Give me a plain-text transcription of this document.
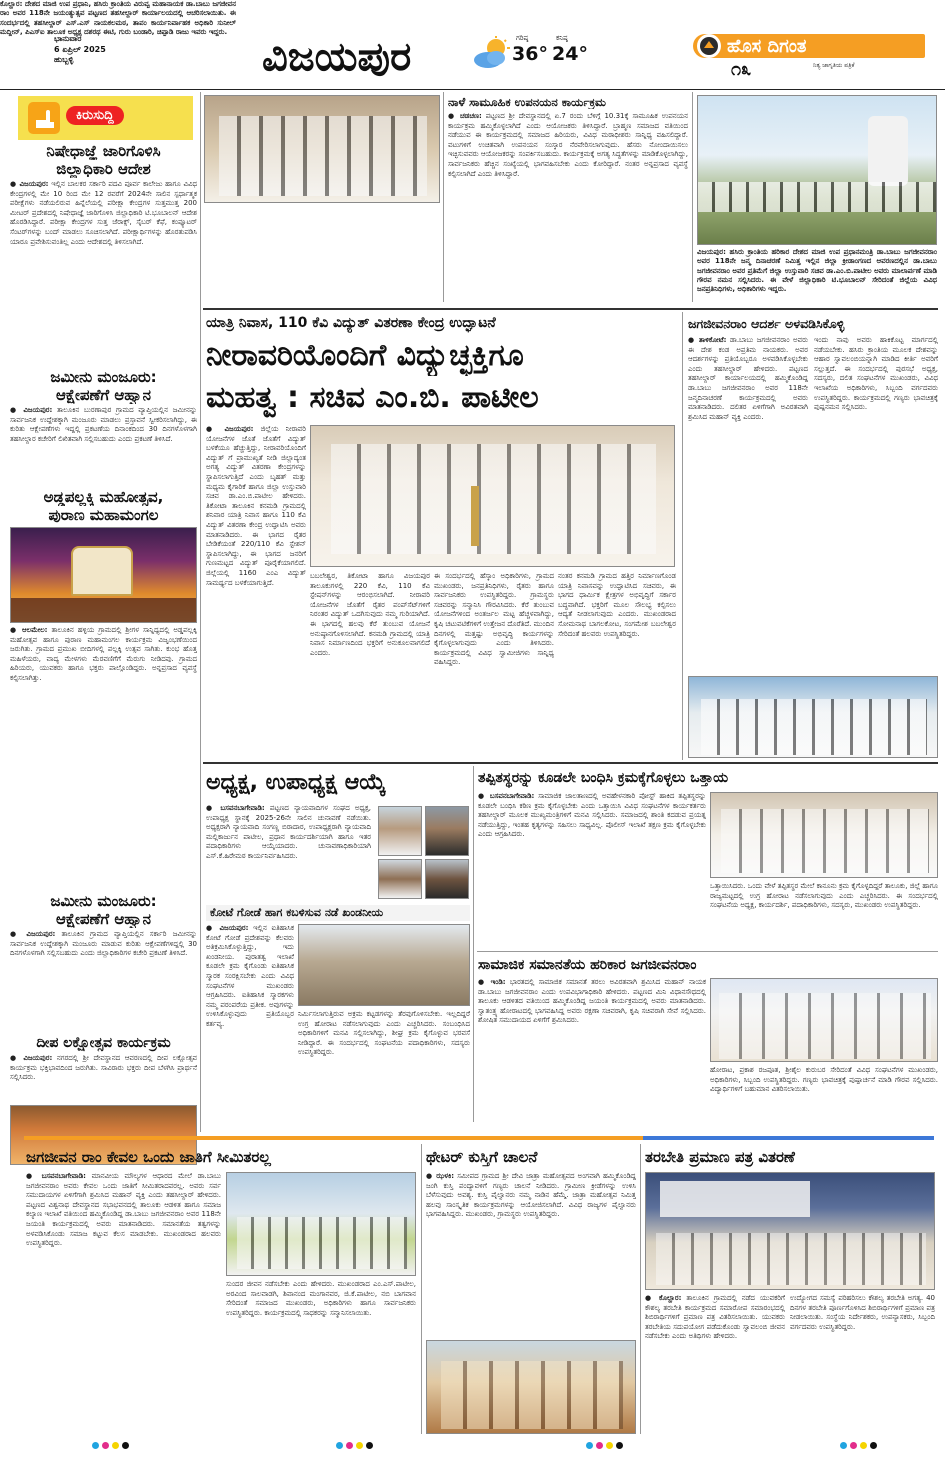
ಭಾನುವಾರ
6 ಏಪ್ರಿಲ್ 2025
ಹುಬ್ಬಳ್ಳಿ	ವಿಜಯಪುರ	ಗರಿಷ್ಠ
36°
ಕನಿಷ್ಠ
24°	ಹೊಸ ದಿಗಂತ
ನಿತ್ಯ ಜಾಗೃತಿಯ ಪತ್ರಿಕೆ
೧೩
ಕಿರುಸುದ್ದಿ
ನಿಷೇಧಾಜ್ಞೆ ಜಾರಿಗೊಳಿಸಿ
ಜಿಲ್ಲಾಧಿಕಾರಿ ಆದೇಶ
● ವಿಜಯಪುರ: ಇಲ್ಲಿನ ಬಾಲಕರ ಸರ್ಕಾರಿ ಪದವಿ ಪೂರ್ವ ಕಾಲೇಜು ಹಾಗೂ ವಿವಿಧ ಕೇಂದ್ರಗಳಲ್ಲಿ ಮೇ 10 ರಿಂದ ಮೇ 12 ರವರೆಗೆ 2024ನೇ ಸಾಲಿನ ಸ್ಪರ್ಧಾತ್ಮಕ ಪರೀಕ್ಷೆಗಳು ನಡೆಯಲಿರುವ ಹಿನ್ನೆಲೆಯಲ್ಲಿ ಪರೀಕ್ಷಾ ಕೇಂದ್ರಗಳ ಸುತ್ತಮುತ್ತ 200 ಮೀಟರ್ ಪ್ರದೇಶದಲ್ಲಿ ನಿಷೇಧಾಜ್ಞೆ ಜಾರಿಗೊಳಿಸಿ ಜಿಲ್ಲಾಧಿಕಾರಿ ಟಿ.ಭೂಬಾಲನ್ ಆದೇಶ ಹೊರಡಿಸಿದ್ದಾರೆ. ಪರೀಕ್ಷಾ ಕೇಂದ್ರಗಳ ಸುತ್ತ ಜೆರಾಕ್ಸ್, ಸೈಬರ್ ಕೆಫೆ, ಕಂಪ್ಯೂಟರ್ ಸೆಂಟರ್‌ಗಳನ್ನು ಬಂದ್ ಮಾಡಲು ಸೂಚಿಸಲಾಗಿದೆ. ಪರೀಕ್ಷಾರ್ಥಿಗಳನ್ನು ಹೊರತುಪಡಿಸಿ ಯಾರೂ ಪ್ರವೇಶಿಸುವಂತಿಲ್ಲ ಎಂದು ಆದೇಶದಲ್ಲಿ ತಿಳಿಸಲಾಗಿದೆ.
ಜಮೀನು ಮಂಜೂರು:
ಆಕ್ಷೇಪಣೆಗೆ ಆಹ್ವಾನ
● ವಿಜಯಪುರ: ತಾಲೂಕಿನ ಬುರಣಾಪುರ ಗ್ರಾಮದ ವ್ಯಾಪ್ತಿಯಲ್ಲಿನ ಜಮೀನನ್ನು ಸಾರ್ವಜನಿಕ ಉದ್ದೇಶಕ್ಕಾಗಿ ಮಂಜೂರು ಮಾಡಲು ಪ್ರಸ್ತಾವನೆ ಸ್ವೀಕರಿಸಲಾಗಿದ್ದು, ಈ ಕುರಿತು ಆಕ್ಷೇಪಣೆಗಳು ಇದ್ದಲ್ಲಿ ಪ್ರಕಟಣೆಯ ದಿನಾಂಕದಿಂದ 30 ದಿನಗಳೊಳಗಾಗಿ ತಹಸೀಲ್ದಾರ ಕಚೇರಿಗೆ ಲಿಖಿತವಾಗಿ ಸಲ್ಲಿಸಬಹುದು ಎಂದು ಪ್ರಕಟಣೆ ತಿಳಿಸಿದೆ.
ಅಡ್ಡಪಲ್ಲಕ್ಕಿ ಮಹೋತ್ಸವ,
ಪುರಾಣ ಮಹಾಮಂಗಲ
● ಆಲಮೇಲ: ತಾಲೂಕಿನ ಹಳ್ಳಿಯ ಗ್ರಾಮದಲ್ಲಿ ಶ್ರೀಗಳ ಸಾನ್ನಿಧ್ಯದಲ್ಲಿ ಅಡ್ಡಪಲ್ಲಕ್ಕಿ ಮಹೋತ್ಸವ ಹಾಗೂ ಪುರಾಣ ಮಹಾಮಂಗಲ ಕಾರ್ಯಕ್ರಮ ವಿಜೃಂಭಣೆಯಿಂದ ಜರುಗಿತು. ಗ್ರಾಮದ ಪ್ರಮುಖ ಬೀದಿಗಳಲ್ಲಿ ಪಲ್ಲಕ್ಕಿ ಉತ್ಸವ ಸಾಗಿತು. ಕುಂಭ ಹೊತ್ತ ಮಹಿಳೆಯರು, ವಾದ್ಯ ಮೇಳಗಳು ಮೆರವಣಿಗೆಗೆ ಮೆರುಗು ನೀಡಿದವು. ಗ್ರಾಮದ ಹಿರಿಯರು, ಯುವಕರು ಹಾಗೂ ಭಕ್ತರು ಪಾಲ್ಗೊಂಡಿದ್ದರು. ಅನ್ನಪ್ರಸಾದ ವ್ಯವಸ್ಥೆ ಕಲ್ಪಿಸಲಾಗಿತ್ತು.
ಜಮೀನು ಮಂಜೂರು:
ಆಕ್ಷೇಪಣೆಗೆ ಆಹ್ವಾನ
● ವಿಜಯಪುರ: ತಾಲೂಕಿನ ಗ್ರಾಮದ ವ್ಯಾಪ್ತಿಯಲ್ಲಿನ ಸರ್ಕಾರಿ ಜಮೀನನ್ನು ಸಾರ್ವಜನಿಕ ಉದ್ದೇಶಕ್ಕಾಗಿ ಮಂಜೂರು ಮಾಡುವ ಕುರಿತು ಆಕ್ಷೇಪಣೆಗಳಿದ್ದಲ್ಲಿ 30 ದಿನಗಳೊಳಗಾಗಿ ಸಲ್ಲಿಸಬಹುದು ಎಂದು ಜಿಲ್ಲಾಧಿಕಾರಿಗಳ ಕಚೇರಿ ಪ್ರಕಟಣೆ ತಿಳಿಸಿದೆ.
ದೀಪ ಲಕ್ಷೋತ್ಸವ ಕಾರ್ಯಕ್ರಮ
● ವಿಜಯಪುರ: ನಗರದಲ್ಲಿ ಶ್ರೀ ದೇವಸ್ಥಾನದ ಆವರಣದಲ್ಲಿ ದೀಪ ಲಕ್ಷೋತ್ಸವ ಕಾರ್ಯಕ್ರಮ ಭಕ್ತಿಭಾವದಿಂದ ಜರುಗಿತು. ಸಾವಿರಾರು ಭಕ್ತರು ದೀಪ ಬೆಳಗಿಸಿ ಪ್ರಾರ್ಥನೆ ಸಲ್ಲಿಸಿದರು.
ಕೊಲ್ಹಾರ: ದೇಶದ ಮಾಜಿ ಉಪ ಪ್ರಧಾನಿ, ಹಸಿರು ಕ್ರಾಂತಿಯ ವಿರುವ್ವ ಮಹಾನಾಯಕ ಡಾ.ಬಾಬು ಜಗಜೀವನ ರಾಂ ಅವರ 118ನೇ ಜಯಂತ್ಯುತ್ಸವ ಪಟ್ಟಣದ ತಹಸೀಲ್ದಾರ್ ಕಾರ್ಯಾಲಯದಲ್ಲಿ ಆಚರಿಸಲಾಯಿತು. ಈ ಸಂದರ್ಭದಲ್ಲಿ ತಹಸೀಲ್ದಾರ್ ಎಸ್.ಎಸ್ ನಾಯಕಲಮಠ, ತಾಪಂ ಕಾರ್ಯನಿರ್ವಾಹಕ ಅಧಿಕಾರಿ ಸುನೀಲ್ ಮದ್ದೀನ್, ಪಿಎಸ್ಐ ತಾಲೂಕ ಅಧ್ಯಕ್ಷ ದಶರಥ ಈಟಿ, ಗುರು ಬಂಡಾರಿ, ಚಿಪ್ಪಾಡಿ ರಾಜು ಇವರು ಇದ್ದರು.
ನಾಳೆ ಸಾಮೂಹಿಕ ಉಪನಯನ ಕಾರ್ಯಕ್ರಮ
● ಚಡಚಣ: ಪಟ್ಟಣದ ಶ್ರೀ ದೇವಸ್ಥಾನದಲ್ಲಿ ಏ.7 ರಂದು ಬೆಳಿಗ್ಗೆ 10.31ಕ್ಕೆ ಸಾಮೂಹಿಕ ಉಪನಯನ ಕಾರ್ಯಕ್ರಮ ಹಮ್ಮಿಕೊಳ್ಳಲಾಗಿದೆ ಎಂದು ಆಯೋಜಕರು ತಿಳಿಸಿದ್ದಾರೆ. ಬ್ರಾಹ್ಮಣ ಸಮಾಜದ ವತಿಯಿಂದ ನಡೆಯುವ ಈ ಕಾರ್ಯಕ್ರಮದಲ್ಲಿ ಸಮಾಜದ ಹಿರಿಯರು, ವಿವಿಧ ಮಠಾಧೀಶರು ಸಾನ್ನಿಧ್ಯ ವಹಿಸಲಿದ್ದಾರೆ. ವಟುಗಳಿಗೆ ಉಚಿತವಾಗಿ ಉಪನಯನ ಸಂಸ್ಕಾರ ನೆರವೇರಿಸಲಾಗುವುದು. ಹೆಸರು ನೋಂದಾಯಿಸಲು ಇಚ್ಛಿಸುವವರು ಆಯೋಜಕರನ್ನು ಸಂಪರ್ಕಿಸಬಹುದು. ಕಾರ್ಯಕ್ರಮಕ್ಕೆ ಅಗತ್ಯ ಸಿದ್ಧತೆಗಳನ್ನು ಮಾಡಿಕೊಳ್ಳಲಾಗಿದ್ದು, ಸಾರ್ವಜನಿಕರು ಹೆಚ್ಚಿನ ಸಂಖ್ಯೆಯಲ್ಲಿ ಭಾಗವಹಿಸಬೇಕು ಎಂದು ಕೋರಿದ್ದಾರೆ. ನಂತರ ಅನ್ನಪ್ರಸಾದ ವ್ಯವಸ್ಥೆ ಕಲ್ಪಿಸಲಾಗಿದೆ ಎಂದು ತಿಳಿಸಿದ್ದಾರೆ.
ವಿಜಯಪುರ: ಹಸಿರು ಕ್ರಾಂತಿಯ ಹರಿಕಾರ ದೇಶದ ಮಾಜಿ ಉಪ ಪ್ರಧಾನಮಂತ್ರಿ ಡಾ.ಬಾಬು ಜಗಜೀವನರಾಂ ಅವರ 118ನೇ ಜನ್ಮ ದಿನಾಚರಣೆ ನಿಮಿತ್ತ ಇಲ್ಲಿನ ಜಿಲ್ಲಾ ಕ್ರೀಡಾಂಗಣದ ಆವರಣದಲ್ಲಿನ ಡಾ.ಬಾಬು ಜಗಜೀವನರಾಂ ಅವರ ಪ್ರತಿಮೆಗೆ ಜಿಲ್ಲಾ ಉಸ್ತುವಾರಿ ಸಚಿವ ಡಾ.ಎಂ.ಬಿ.ಪಾಟೀಲ ಅವರು ಮಾಲಾರ್ಪಣೆ ಮಾಡಿ ಗೌರವ ನಮನ ಸಲ್ಲಿಸಿದರು. ಈ ವೇಳೆ ಜಿಲ್ಲಾಧಿಕಾರಿ ಟಿ.ಭೂಬಾಲನ್ ಸೇರಿದಂತೆ ಜಿಲ್ಲೆಯ ವಿವಿಧ ಜನಪ್ರತಿನಿಧಿಗಳು, ಅಧಿಕಾರಿಗಳು ಇದ್ದರು.
ಯಾತ್ರಿ ನಿವಾಸ, 110 ಕೆವಿ ವಿದ್ಯುತ್ ವಿತರಣಾ ಕೇಂದ್ರ ಉದ್ಘಾಟನೆ
ನೀರಾವರಿಯೊಂದಿಗೆ ವಿದ್ಯುಚ್ಛಕ್ತಿಗೂ
ಮಹತ್ವ : ಸಚಿವ ಎಂ.ಬಿ. ಪಾಟೀಲ
● ವಿಜಯಪುರ: ಜಿಲ್ಲೆಯ ನೀರಾವರಿ ಯೋಜನೆಗಳ ಜೊತೆ ಜೊತೆಗೆ ವಿದ್ಯುತ್ ಬಳಕೆಯೂ ಹೆಚ್ಚುತ್ತಿದ್ದು, ನೀರಾವರಿಯೊಂದಿಗೆ ವಿದ್ಯುತ್ ಗೆ ಪ್ರಾಮುಖ್ಯತೆ ನೀಡಿ ಜಿಲ್ಲಾದ್ಯಂತ ಅಗತ್ಯ ವಿದ್ಯುತ್ ವಿತರಣಾ ಕೇಂದ್ರಗಳನ್ನು ಸ್ಥಾಪಿಸಲಾಗುತ್ತಿದೆ ಎಂದು ಬೃಹತ್ ಮತ್ತು ಮಧ್ಯಮ ಕೈಗಾರಿಕೆ ಹಾಗೂ ಜಿಲ್ಲಾ ಉಸ್ತುವಾರಿ ಸಚಿವ ಡಾ.ಎಂ.ಬಿ.ಪಾಟೀಲ ಹೇಳಿದರು. ತಿಕೋಟಾ ತಾಲೂಕಿನ ಕನಮಡಿ ಗ್ರಾಮದಲ್ಲಿ ಶನಿವಾರ ಯಾತ್ರಿ ನಿವಾಸ ಹಾಗೂ 110 ಕೆವಿ ವಿದ್ಯುತ್ ವಿತರಣಾ ಕೇಂದ್ರ ಉದ್ಘಾಟಿಸಿ ಅವರು ಮಾತನಾಡಿದರು. ಈ ಭಾಗದ ರೈತರ ಬೇಡಿಕೆಯಂತೆ 220/110 ಕೆವಿ ಸ್ಟೇಶನ್ ಸ್ಥಾಪಿಸಲಾಗಿದ್ದು, ಈ ಭಾಗದ ಜನರಿಗೆ ಗುಣಮಟ್ಟದ ವಿದ್ಯುತ್ ಪೂರೈಕೆಯಾಗಲಿದೆ. ಜಿಲ್ಲೆಯಲ್ಲಿ 1160 ಎಂಎ ವಿದ್ಯುತ್ ಸಾಮರ್ಥ್ಯದ ಬಳಕೆಯಾಗುತ್ತಿದೆ.
ಬಬಲೇಶ್ವರ, ತಿಕೋಟಾ ಹಾಗೂ ವಿಜಯಪುರ ತಾಲೂಕುಗಳಲ್ಲಿ 220 ಕೆವಿ, 110 ಕೆವಿ ಸ್ಟೇಷನ್‌ಗಳನ್ನು ಆರಂಭಿಸಲಾಗಿದೆ. ನೀರಾವರಿ ಯೋಜನೆಗಳ ಜೊತೆಗೆ ರೈತರ ಪಂಪ್‌ಸೆಟ್‌ಗಳಿಗೆ ನಿರಂತರ ವಿದ್ಯುತ್ ಒದಗಿಸುವುದು ನಮ್ಮ ಗುರಿಯಾಗಿದೆ. ಈ ಭಾಗದಲ್ಲಿ ಹಲವು ಕೆರೆ ತುಂಬುವ ಯೋಜನೆ ಅನುಷ್ಠಾನಗೊಳಿಸಲಾಗಿದೆ. ಕನಮಡಿ ಗ್ರಾಮದಲ್ಲಿ ಯಾತ್ರಿ ನಿವಾಸ ನಿರ್ಮಾಣದಿಂದ ಭಕ್ತರಿಗೆ ಅನುಕೂಲವಾಗಲಿದೆ ಎಂದರು.
ಈ ಸಂದರ್ಭದಲ್ಲಿ ಹೆಸ್ಕಾಂ ಅಧಿಕಾರಿಗಳು, ಗ್ರಾಮದ ಮುಖಂಡರು, ಜನಪ್ರತಿನಿಧಿಗಳು, ರೈತರು ಹಾಗೂ ಸಾರ್ವಜನಿಕರು ಉಪಸ್ಥಿತರಿದ್ದರು. ಗ್ರಾಮಸ್ಥರು ಸಚಿವರನ್ನು ಸನ್ಮಾನಿಸಿ ಗೌರವಿಸಿದರು. ಕೆರೆ ತುಂಬುವ ಯೋಜನೆಗಳಿಂದ ಅಂತರ್ಜಲ ಮಟ್ಟ ಹೆಚ್ಚಳವಾಗಿದ್ದು, ಕೃಷಿ ಚಟುವಟಿಕೆಗಳಿಗೆ ಉತ್ತೇಜನ ದೊರೆತಿದೆ. ಮುಂದಿನ ದಿನಗಳಲ್ಲಿ ಮತ್ತಷ್ಟು ಅಭಿವೃದ್ಧಿ ಕಾರ್ಯಗಳನ್ನು ಕೈಗೊಳ್ಳಲಾಗುವುದು ಎಂದು ತಿಳಿಸಿದರು. ಕಾರ್ಯಕ್ರಮದಲ್ಲಿ ವಿವಿಧ ಸ್ವಾಮೀಜಿಗಳು ಸಾನ್ನಿಧ್ಯ ವಹಿಸಿದ್ದರು.
ನಂತರ ಕನಮಡಿ ಗ್ರಾಮದ ಹತ್ತಿರ ನಿರ್ಮಾಣಗೊಂಡ ಯಾತ್ರಿ ನಿವಾಸವನ್ನು ಉದ್ಘಾಟಿಸಿದ ಸಚಿವರು, ಈ ಭಾಗದ ಧಾರ್ಮಿಕ ಕ್ಷೇತ್ರಗಳ ಅಭಿವೃದ್ಧಿಗೆ ಸರ್ಕಾರ ಬದ್ಧವಾಗಿದೆ. ಭಕ್ತರಿಗೆ ಮೂಲ ಸೌಲಭ್ಯ ಕಲ್ಪಿಸಲು ಆದ್ಯತೆ ನೀಡಲಾಗುವುದು ಎಂದರು. ಮುಖಂಡರಾದ ಸೋಮನಾಥ ಬಾಗಲಕೋಟ, ಸಂಗಮೇಶ ಬಬಲೇಶ್ವರ ಸೇರಿದಂತೆ ಹಲವರು ಉಪಸ್ಥಿತರಿದ್ದರು.
ಜಗಜೀವನರಾಂ ಆದರ್ಶ ಅಳವಡಿಸಿಕೊಳ್ಳಿ
● ತಾಳಿಕೋಟೆ: ಡಾ.ಬಾಬು ಜಗಜೀವನರಾಂ ಅವರು ಈ ದೇಶ ಕಂಡ ಅಪ್ರತಿಮ ನಾಯಕರು. ಅವರ ಆದರ್ಶಗಳನ್ನು ಪ್ರತಿಯೊಬ್ಬರೂ ಅಳವಡಿಸಿಕೊಳ್ಳಬೇಕು ಎಂದು ತಹಸೀಲ್ದಾರ್ ಹೇಳಿದರು. ಪಟ್ಟಣದ ತಹಸೀಲ್ದಾರ್ ಕಾರ್ಯಾಲಯದಲ್ಲಿ ಹಮ್ಮಿಕೊಂಡಿದ್ದ ಡಾ.ಬಾಬು ಜಗಜೀವನರಾಂ ಅವರ 118ನೇ ಜನ್ಮದಿನಾಚರಣೆ ಕಾರ್ಯಕ್ರಮದಲ್ಲಿ ಅವರು ಮಾತನಾಡಿದರು. ದಲಿತರ ಏಳಿಗೆಗಾಗಿ ಅವಿರತವಾಗಿ ಶ್ರಮಿಸಿದ ಮಹಾನ್ ವ್ಯಕ್ತಿ ಎಂದರು.
ಇಂದು ನಾವು ಅವರು ಹಾಕಿಕೊಟ್ಟ ಮಾರ್ಗದಲ್ಲಿ ನಡೆಯಬೇಕು. ಹಸಿರು ಕ್ರಾಂತಿಯ ಮೂಲಕ ದೇಶವನ್ನು ಆಹಾರ ಸ್ವಾವಲಂಬಿಯನ್ನಾಗಿ ಮಾಡಿದ ಕೀರ್ತಿ ಅವರಿಗೆ ಸಲ್ಲುತ್ತದೆ. ಈ ಸಂದರ್ಭದಲ್ಲಿ ಪುರಸಭೆ ಅಧ್ಯಕ್ಷ, ಸದಸ್ಯರು, ದಲಿತ ಸಂಘಟನೆಗಳ ಮುಖಂಡರು, ವಿವಿಧ ಇಲಾಖೆಯ ಅಧಿಕಾರಿಗಳು, ಸಿಬ್ಬಂದಿ ವರ್ಗದವರು ಉಪಸ್ಥಿತರಿದ್ದರು. ಕಾರ್ಯಕ್ರಮದಲ್ಲಿ ಗಣ್ಯರು ಭಾವಚಿತ್ರಕ್ಕೆ ಪುಷ್ಪನಮನ ಸಲ್ಲಿಸಿದರು.
ಅಧ್ಯಕ್ಷ, ಉಪಾಧ್ಯಕ್ಷ ಆಯ್ಕೆ
● ಬಸವನಬಾಗೇವಾಡಿ: ಪಟ್ಟಣದ ನ್ಯಾಯವಾದಿಗಳ ಸಂಘದ ಅಧ್ಯಕ್ಷ, ಉಪಾಧ್ಯಕ್ಷ ಸ್ಥಾನಕ್ಕೆ 2025-26ನೇ ಸಾಲಿನ ಚುನಾವಣೆ ನಡೆಯಿತು. ಅಧ್ಯಕ್ಷರಾಗಿ ನ್ಯಾಯವಾದಿ ಸಂಗಣ್ಣ ಬಿರಾದಾರ, ಉಪಾಧ್ಯಕ್ಷರಾಗಿ ನ್ಯಾಯವಾದಿ ಮಲ್ಲಿಕಾರ್ಜುನ ಪಾಟೀಲ, ಪ್ರಧಾನ ಕಾರ್ಯದರ್ಶಿಯಾಗಿ ಹಾಗೂ ಇತರ ಪದಾಧಿಕಾರಿಗಳು ಆಯ್ಕೆಯಾದರು. ಚುನಾವಣಾಧಿಕಾರಿಯಾಗಿ ಎಸ್.ಕೆ.ಹಿರೇಮಠ ಕಾರ್ಯನಿರ್ವಹಿಸಿದರು.
ಕೋಟೆ ಗೋಡೆ ಹಾಗ ಕಬಳಿಸುವ ನಡೆ ಖಂಡನೀಯ
● ವಿಜಯಪುರ: ಇಲ್ಲಿನ ಐತಿಹಾಸಿಕ ಕೋಟೆ ಗೋಡೆ ಪ್ರದೇಶವನ್ನು ಕೆಲವರು ಅತಿಕ್ರಮಿಸಿಕೊಳ್ಳುತ್ತಿದ್ದು, ಇದು ಖಂಡನೀಯ. ಪುರಾತತ್ವ ಇಲಾಖೆ ಕೂಡಲೇ ಕ್ರಮ ಕೈಗೊಂಡು ಐತಿಹಾಸಿಕ ಸ್ಮಾರಕ ಸಂರಕ್ಷಿಸಬೇಕು ಎಂದು ವಿವಿಧ ಸಂಘಟನೆಗಳ ಮುಖಂಡರು ಆಗ್ರಹಿಸಿದರು. ಐತಿಹಾಸಿಕ ಸ್ಮಾರಕಗಳು ನಮ್ಮ ಪರಂಪರೆಯ ಪ್ರತೀಕ. ಅವುಗಳನ್ನು ಉಳಿಸಿಕೊಳ್ಳುವುದು ಪ್ರತಿಯೊಬ್ಬರ ಕರ್ತವ್ಯ.
ನಿರ್ಮಿಸಲಾಗುತ್ತಿರುವ ಅಕ್ರಮ ಕಟ್ಟಡಗಳನ್ನು ತೆರವುಗೊಳಿಸಬೇಕು. ಇಲ್ಲದಿದ್ದರೆ ಉಗ್ರ ಹೋರಾಟ ನಡೆಸಲಾಗುವುದು ಎಂದು ಎಚ್ಚರಿಸಿದರು. ಸಂಬಂಧಿಸಿದ ಅಧಿಕಾರಿಗಳಿಗೆ ಮನವಿ ಸಲ್ಲಿಸಲಾಗಿದ್ದು, ಶೀಘ್ರ ಕ್ರಮ ಕೈಗೊಳ್ಳುವ ಭರವಸೆ ನೀಡಿದ್ದಾರೆ. ಈ ಸಂದರ್ಭದಲ್ಲಿ ಸಂಘಟನೆಯ ಪದಾಧಿಕಾರಿಗಳು, ಸದಸ್ಯರು ಉಪಸ್ಥಿತರಿದ್ದರು.
ತಪ್ಪಿತಸ್ಥರನ್ನು ಕೂಡಲೇ ಬಂಧಿಸಿ ಕ್ರಮಕ್ಕೆಗೊಳ್ಳಲು ಒತ್ತಾಯ
● ಬಸವನಬಾಗೇವಾಡಿ: ಸಾಮಾಜಿಕ ಜಾಲತಾಣದಲ್ಲಿ ಅವಹೇಳನಕಾರಿ ಪೋಸ್ಟ್ ಹಾಕಿದ ತಪ್ಪಿತಸ್ಥರನ್ನು ಕೂಡಲೇ ಬಂಧಿಸಿ ಕಠಿಣ ಕ್ರಮ ಕೈಗೊಳ್ಳಬೇಕು ಎಂದು ಒತ್ತಾಯಿಸಿ ವಿವಿಧ ಸಂಘಟನೆಗಳ ಕಾರ್ಯಕರ್ತರು ತಹಸೀಲ್ದಾರ್ ಮೂಲಕ ಮುಖ್ಯಮಂತ್ರಿಗಳಿಗೆ ಮನವಿ ಸಲ್ಲಿಸಿದರು. ಸಮಾಜದಲ್ಲಿ ಶಾಂತಿ ಕದಡುವ ಪ್ರಯತ್ನ ನಡೆಯುತ್ತಿದ್ದು, ಇಂತಹ ಕೃತ್ಯಗಳನ್ನು ಸಹಿಸಲು ಸಾಧ್ಯವಿಲ್ಲ. ಪೊಲೀಸ್ ಇಲಾಖೆ ತಕ್ಷಣ ಕ್ರಮ ಕೈಗೊಳ್ಳಬೇಕು ಎಂದು ಆಗ್ರಹಿಸಿದರು.
ಒತ್ತಾಯಿಸಿದರು. ಒಂದು ವೇಳೆ ತಪ್ಪಿತಸ್ಥರ ಮೇಲೆ ಕಾನೂನು ಕ್ರಮ ಕೈಗೊಳ್ಳದಿದ್ದರೆ ತಾಲೂಕು, ಜಿಲ್ಲೆ ಹಾಗೂ ರಾಜ್ಯಮಟ್ಟದಲ್ಲಿ ಉಗ್ರ ಹೋರಾಟ ನಡೆಸಲಾಗುವುದು ಎಂದು ಎಚ್ಚರಿಸಿದರು. ಈ ಸಂದರ್ಭದಲ್ಲಿ ಸಂಘಟನೆಯ ಅಧ್ಯಕ್ಷ, ಕಾರ್ಯದರ್ಶಿ, ಪದಾಧಿಕಾರಿಗಳು, ಸದಸ್ಯರು, ಮುಖಂಡರು ಉಪಸ್ಥಿತರಿದ್ದರು.
ಸಾಮಾಜಿಕ ಸಮಾನತೆಯ ಹರಿಕಾರ ಜಗಜೀವನರಾಂ
● ಇಂಡಿ: ಭಾರತದಲ್ಲಿ ಸಾಮಾಜಿಕ ಸಮಾನತೆ ತರಲು ಅವಿರತವಾಗಿ ಶ್ರಮಿಸಿದ ಮಹಾನ್ ನಾಯಕ ಡಾ.ಬಾಬು ಜಗಜೀವನರಾಂ ಎಂದು ಉಪವಿಭಾಗಾಧಿಕಾರಿ ಹೇಳಿದರು. ಪಟ್ಟಣದ ಮಿನಿ ವಿಧಾನಸೌಧದಲ್ಲಿ ತಾಲೂಕು ಆಡಳಿತದ ವತಿಯಿಂದ ಹಮ್ಮಿಕೊಂಡಿದ್ದ ಜಯಂತಿ ಕಾರ್ಯಕ್ರಮದಲ್ಲಿ ಅವರು ಮಾತನಾಡಿದರು. ಸ್ವಾತಂತ್ರ್ಯ ಹೋರಾಟದಲ್ಲಿ ಭಾಗವಹಿಸಿದ್ದ ಅವರು ರಕ್ಷಣಾ ಸಚಿವರಾಗಿ, ಕೃಷಿ ಸಚಿವರಾಗಿ ಸೇವೆ ಸಲ್ಲಿಸಿದರು. ಶೋಷಿತ ಸಮುದಾಯದ ಏಳಿಗೆಗೆ ಶ್ರಮಿಸಿದರು.
ಹೋರಾಟ, ಪ್ರಕಾಶ ರಜಪೂತ, ಶ್ರೀಶೈಲ ಕುರುಬರ ಸೇರಿದಂತೆ ವಿವಿಧ ಸಂಘಟನೆಗಳ ಮುಖಂಡರು, ಅಧಿಕಾರಿಗಳು, ಸಿಬ್ಬಂದಿ ಉಪಸ್ಥಿತರಿದ್ದರು. ಗಣ್ಯರು ಭಾವಚಿತ್ರಕ್ಕೆ ಪುಷ್ಪಾರ್ಚನೆ ಮಾಡಿ ಗೌರವ ಸಲ್ಲಿಸಿದರು. ವಿದ್ಯಾರ್ಥಿಗಳಿಗೆ ಬಹುಮಾನ ವಿತರಿಸಲಾಯಿತು.
ಜಗಜೀವನ ರಾಂ ಕೇವಲ ಒಂದು ಜಾತಿಗೆ ಸೀಮಿತರಲ್ಲ
● ಬಸವನಬಾಗೇವಾಡಿ: ಮಾನವೀಯ ಮೌಲ್ಯಗಳ ಆಧಾರದ ಮೇಲೆ ಡಾ.ಬಾಬು ಜಗಜೀವನರಾಂ ಅವರು ಕೇವಲ ಒಂದು ಜಾತಿಗೆ ಸೀಮಿತರಾದವರಲ್ಲ. ಅವರು ಸರ್ವ ಸಮುದಾಯಗಳ ಏಳಿಗೆಗಾಗಿ ಶ್ರಮಿಸಿದ ಮಹಾನ್ ವ್ಯಕ್ತಿ ಎಂದು ತಹಸೀಲ್ದಾರ್ ಹೇಳಿದರು. ಪಟ್ಟಣದ ವಿಶ್ವನಾಥ ದೇವಸ್ಥಾನದ ಸಭಾಭವನದಲ್ಲಿ ತಾಲೂಕು ಆಡಳಿತ ಹಾಗೂ ಸಮಾಜ ಕಲ್ಯಾಣ ಇಲಾಖೆ ವತಿಯಿಂದ ಹಮ್ಮಿಕೊಂಡಿದ್ದ ಡಾ.ಬಾಬು ಜಗಜೀವನರಾಂ ಅವರ 118ನೇ ಜಯಂತಿ ಕಾರ್ಯಕ್ರಮದಲ್ಲಿ ಅವರು ಮಾತನಾಡಿದರು. ಸಮಾನತೆಯ ತತ್ವಗಳನ್ನು ಅಳವಡಿಸಿಕೊಂಡು ಸಮಾಜ ಕಟ್ಟುವ ಕೆಲಸ ಮಾಡಬೇಕು. ಮುಖಂಡರಾದ ಹಲವರು ಉಪಸ್ಥಿತರಿದ್ದರು.
ಸುಂದರ ಜೀವನ ನಡೆಸಬೇಕು ಎಂದು ಹೇಳಿದರು. ಮುಖಂಡರಾದ ಎಂ.ಎಸ್.ಪಾಟೀಲ, ಅರವಿಂದ ಸಾಲವಾಡಗಿ, ಶಿವಾನಂದ ಮಂಗಾನವರ, ಜಿ.ಕೆ.ಪಾಟೀಲ, ನಬಿ ಬಾಗವಾನ ಸೇರಿದಂತೆ ಸಮಾಜದ ಮುಖಂಡರು, ಅಧಿಕಾರಿಗಳು ಹಾಗೂ ಸಾರ್ವಜನಿಕರು ಉಪಸ್ಥಿತರಿದ್ದರು. ಕಾರ್ಯಕ್ರಮದಲ್ಲಿ ಸಾಧಕರನ್ನು ಸನ್ಮಾನಿಸಲಾಯಿತು.
ಥೇಟರ್ ಕುಸ್ತಿಗೆ ಚಾಲನೆ
● ಝಳಕಿ: ಸಮೀಪದ ಗ್ರಾಮದ ಶ್ರೀ ದೇವಿ ಜಾತ್ರಾ ಮಹೋತ್ಸವದ ಅಂಗವಾಗಿ ಹಮ್ಮಿಕೊಂಡಿದ್ದ ಜಂಗಿ ಕುಸ್ತಿ ಪಂದ್ಯಾವಳಿಗೆ ಗಣ್ಯರು ಚಾಲನೆ ನೀಡಿದರು. ಗ್ರಾಮೀಣ ಕ್ರೀಡೆಗಳನ್ನು ಉಳಿಸಿ ಬೆಳೆಸುವುದು ಅವಶ್ಯ. ಕುಸ್ತಿ ಪೈಲ್ವಾನರು ನಮ್ಮ ನಾಡಿನ ಹೆಮ್ಮೆ. ಜಾತ್ರಾ ಮಹೋತ್ಸವ ನಿಮಿತ್ತ ಹಲವು ಸಾಂಸ್ಕೃತಿಕ ಕಾರ್ಯಕ್ರಮಗಳನ್ನು ಆಯೋಜಿಸಲಾಗಿದೆ. ವಿವಿಧ ರಾಜ್ಯಗಳ ಪೈಲ್ವಾನರು ಭಾಗವಹಿಸಿದ್ದರು. ಮುಖಂಡರು, ಗ್ರಾಮಸ್ಥರು ಉಪಸ್ಥಿತರಿದ್ದರು.
ತರಬೇತಿ ಪ್ರಮಾಣ ಪತ್ರ ವಿತರಣೆ
● ಕೊಲ್ಹಾರ: ತಾಲೂಕಿನ ಗ್ರಾಮದಲ್ಲಿ ನಡೆದ ಯುವಕರಿಗೆ ಕೌಶಲ್ಯ ತರಬೇತಿ ಕಾರ್ಯಕ್ರಮದ ಸಮಾರೋಪ ಸಮಾರಂಭದಲ್ಲಿ ಶಿಬಿರಾರ್ಥಿಗಳಿಗೆ ಪ್ರಮಾಣ ಪತ್ರ ವಿತರಿಸಲಾಯಿತು. ಯುವಕರು ತರಬೇತಿಯ ಸದುಪಯೋಗ ಪಡೆದುಕೊಂಡು ಸ್ವಾವಲಂಬಿ ಜೀವನ ನಡೆಸಬೇಕು ಎಂದು ಅತಿಥಿಗಳು ಹೇಳಿದರು.
ಉದ್ಯೋಗದ ಸಮಸ್ಯೆ ಪರಿಹರಿಸಲು ಕೌಶಲ್ಯ ತರಬೇತಿ ಅಗತ್ಯ. 40 ದಿನಗಳ ತರಬೇತಿ ಪೂರ್ಣಗೊಳಿಸಿದ ಶಿಬಿರಾರ್ಥಿಗಳಿಗೆ ಪ್ರಮಾಣ ಪತ್ರ ನೀಡಲಾಯಿತು. ಸಂಸ್ಥೆಯ ನಿರ್ದೇಶಕರು, ಉಪನ್ಯಾಸಕರು, ಸಿಬ್ಬಂದಿ ವರ್ಗದವರು ಉಪಸ್ಥಿತರಿದ್ದರು.
